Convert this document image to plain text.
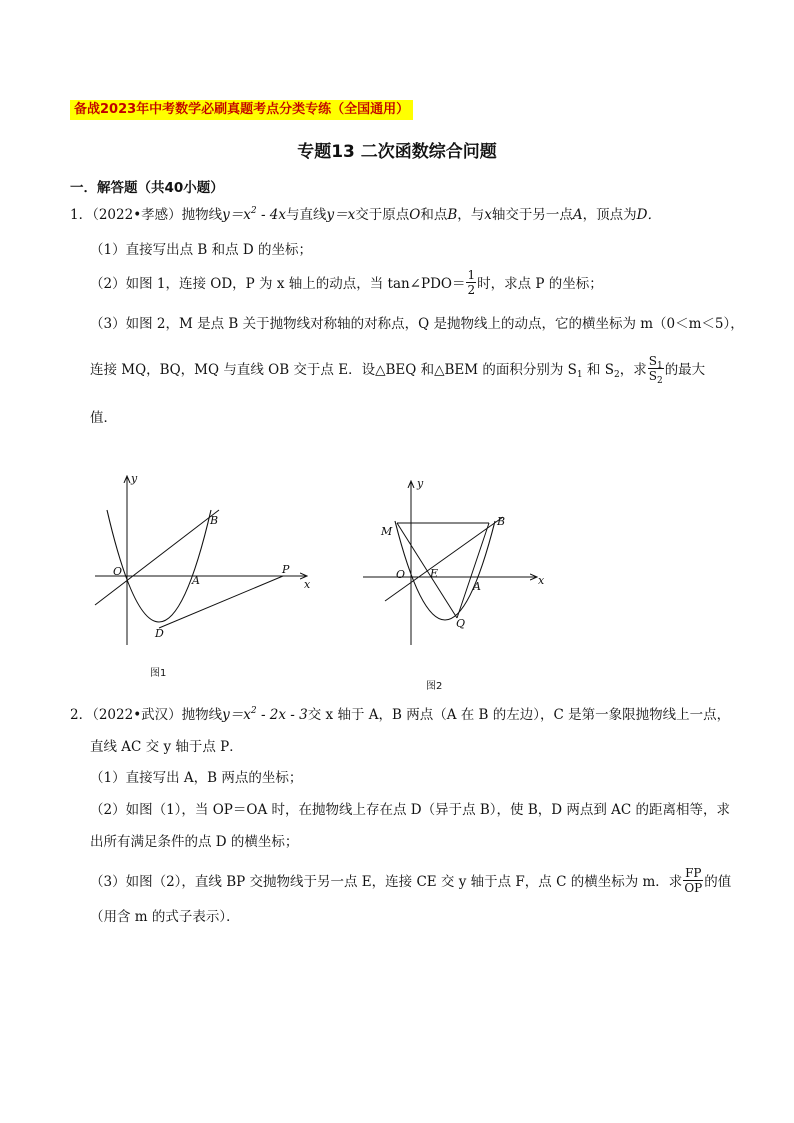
备战2023年中考数学必刷真题考点分类专练（全国通用）
专题13 二次函数综合问题
一．解答题（共40小题）
1．（2022•孝感）抛物线$y=x^2 - 4x$与直线y＝x交于原点O和点B，与x轴交于另一点A，顶点为D．
（1）直接写出点 B 和点 D 的坐标；
（2）如图 1，连接 OD，P 为 x 轴上的动点，当 tan∠PDO＝ $\frac{1}{2}$ 时，求点 P 的坐标；
（3）如图 2，M 是点 B 关于抛物线对称轴的对称点，Q 是抛物线上的动点，它的横坐标为 m（0＜m＜5），
连接 MQ，BQ，MQ 与直线 OB 交于点 E．设△BEQ 和△BEM 的面积分别为 $S_1$ 和 $S_2$，求 $\frac{S_1}{S_2}$ 的最大
值．
y
x
O
A
B
P
D
图1
y
x
O E
A
B
M
Q
图2
2．（2022•武汉）抛物线$y=x^2 - 2x - 3$交 x 轴于 A，B 两点（A 在 B 的左边），C 是第一象限抛物线上一点，
直线 AC 交 y 轴于点 P．
（1）直接写出 A，B 两点的坐标；
（2）如图（1），当 OP＝OA 时，在抛物线上存在点 D（异于点 B），使 B，D 两点到 AC 的距离相等，求
出所有满足条件的点 D 的横坐标；
（3）如图（2），直线 BP 交抛物线于另一点 E，连接 CE 交 y 轴于点 F，点 C 的横坐标为 m．求 $\frac{FP}{OP}$ 的值
（用含 m 的式子表示）．
